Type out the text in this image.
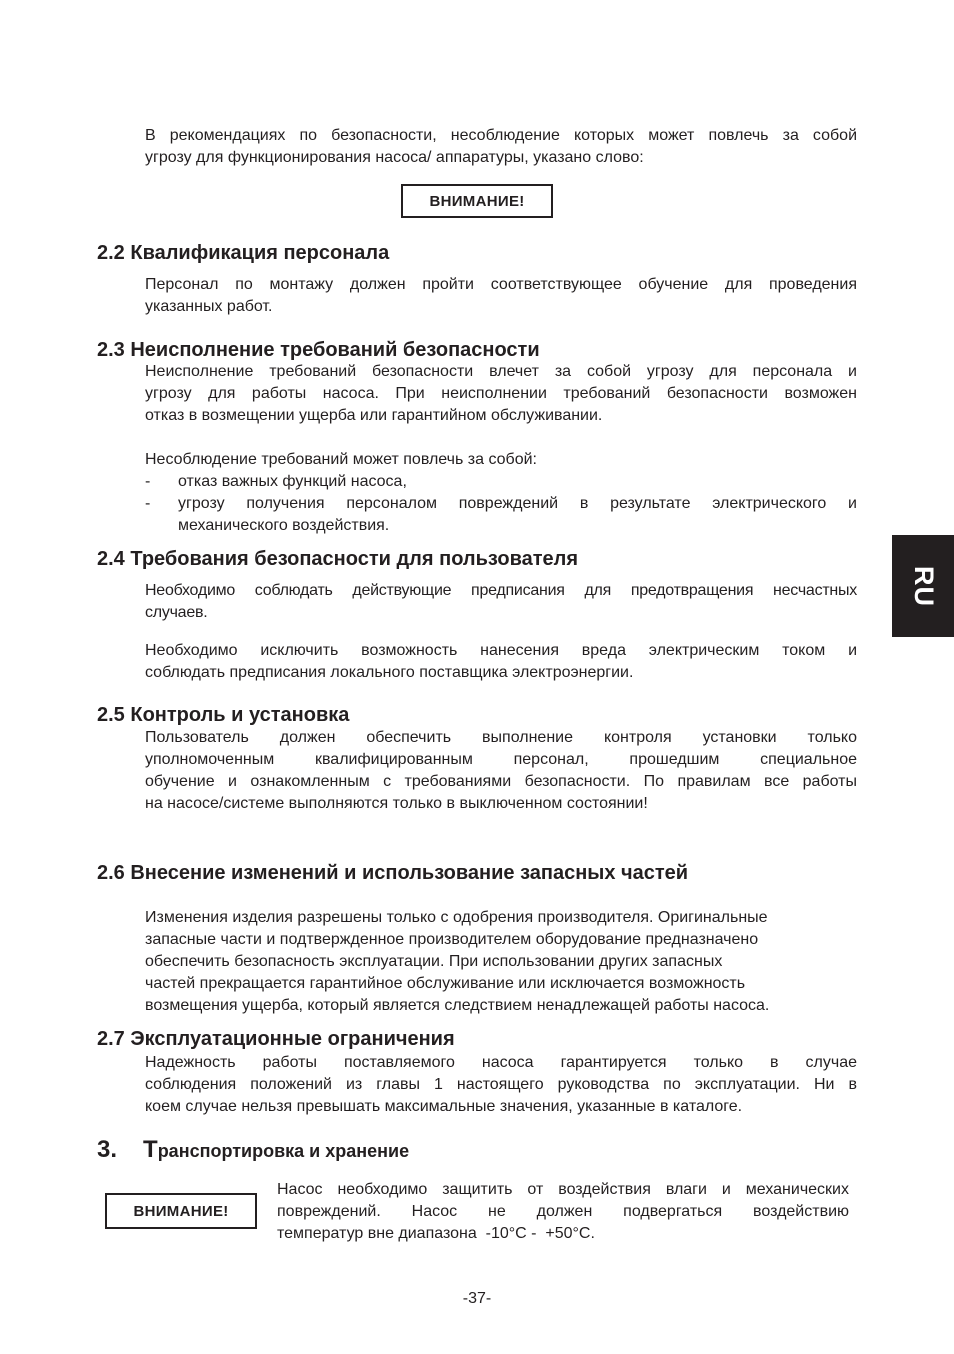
В рекомендациях по безопасности, несоблюдение которых может повлечь за собой
угрозу для функционирования насоса/ аппаратуры, указано слово:
ВНИМАНИЕ!
2.2 Квалификация персонала
Персонал по монтажу должен пройти соответствующее обучение для проведения
указанных работ.
2.3 Неисполнение требований безопасности
Неисполнение требований безопасности влечет за собой угрозу для персонала и
угрозу для работы насоса. При неисполнении требований безопасности возможен
отказ в возмещении ущерба или гарантийном обслуживании.
Несоблюдение требований может повлечь за собой:
- отказ важных функций насоса,
- угрозу получения персоналом повреждений в результате электрического и
механического воздействия.
2.4 Требования безопасности для пользователя
Необходимо соблюдать действующие предписания для предотвращения несчастных
случаев.
Необходимо исключить возможность нанесения вреда электрическим током и
соблюдать предписания локального поставщика электроэнергии.
2.5 Контроль и установка
Пользователь должен обеспечить выполнение контроля установки только
уполномоченным квалифицированным персонал, прошедшим специальное
обучение и ознакомленным с требованиями безопасности. По правилам все работы
на насосе/системе выполняются только в выключенном состоянии!
2.6 Внесение изменений и использование запасных частей
Изменения изделия разрешены только с одобрения производителя. Оригинальные
запасные части и подтвержденное производителем оборудование предназначено
обеспечить безопасность эксплуатации. При использовании других запасных
частей прекращается гарантийное обслуживание или исключается возможность
возмещения ущерба, который является следствием ненадлежащей работы насоса.
2.7 Эксплуатационные ограничения
Надежность работы поставляемого насоса гарантируется только в случае
соблюдения положений из главы 1 настоящего руководства по эксплуатации. Ни в
коем случае нельзя превышать максимальные значения, указанные в каталоге.
3. Транспортировка и хранение
ВНИМАНИЕ!
Насос необходимо защитить от воздействия влаги и механических
повреждений. Насос не должен подвергаться воздействию
температур вне диапазона  -10°C -  +50°C.
RU
-37-
